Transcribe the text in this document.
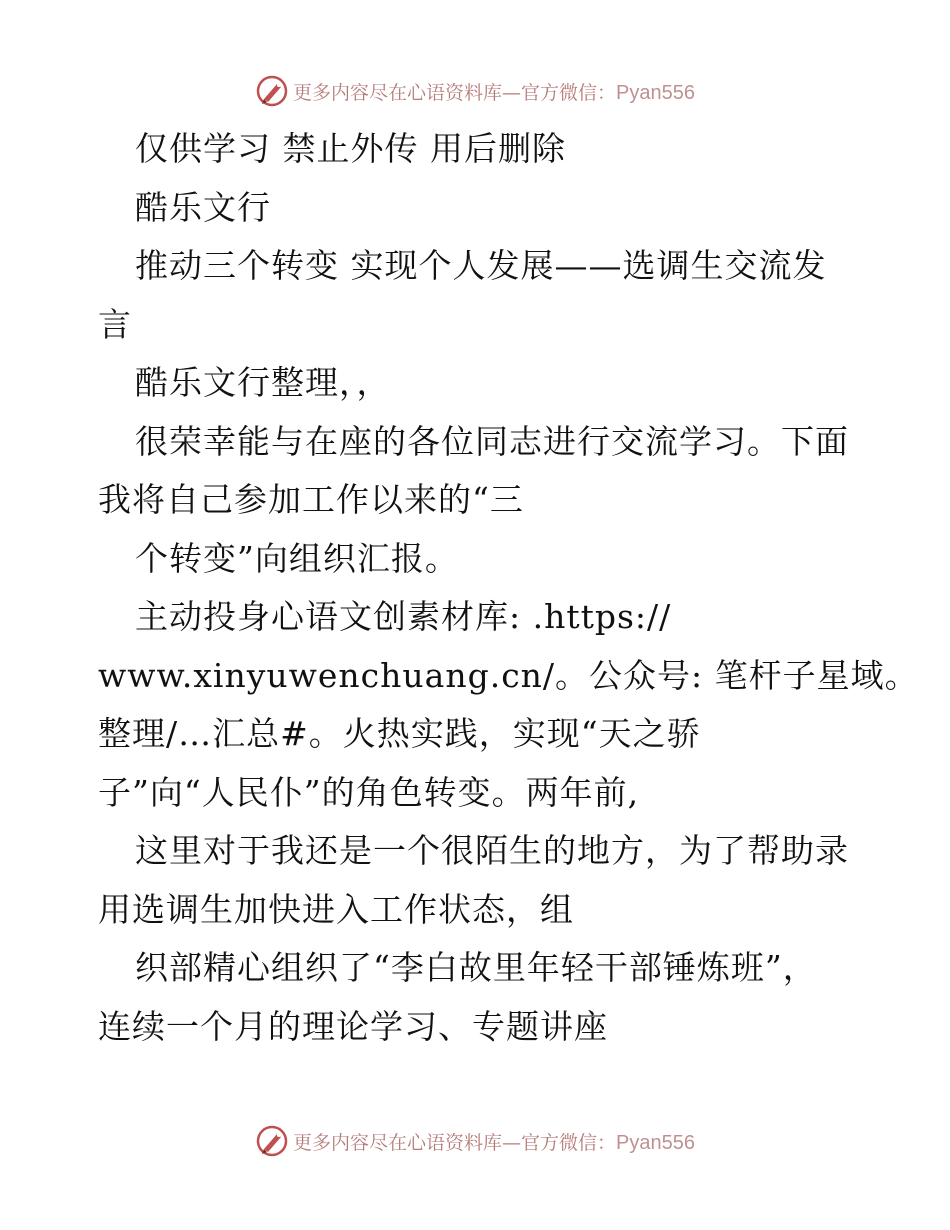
更多内容尽在心语资料库—官方微信：Pyan556
仅供学习 禁止外传 用后删除
酷乐文行
推动三个转变 实现个人发展——选调生交流发
言
酷乐文行整理，，
很荣幸能与在座的各位同志进行交流学习。下面
我将自己参加工作以来的“三
个转变”向组织汇报。
主动投身心语文创素材库: .https://
www.xinyuwenchuang.cn/。公众号: 笔杆子星域。
整理/…汇总#。火热实践，实现“天之骄
子”向“人民仆”的角色转变。两年前,
这里对于我还是一个很陌生的地方，为了帮助录
用选调生加快进入工作状态，组
织部精心组织了“李白故里年轻干部锤炼班”，
连续一个月的理论学习、专题讲座
更多内容尽在心语资料库—官方微信：Pyan556
